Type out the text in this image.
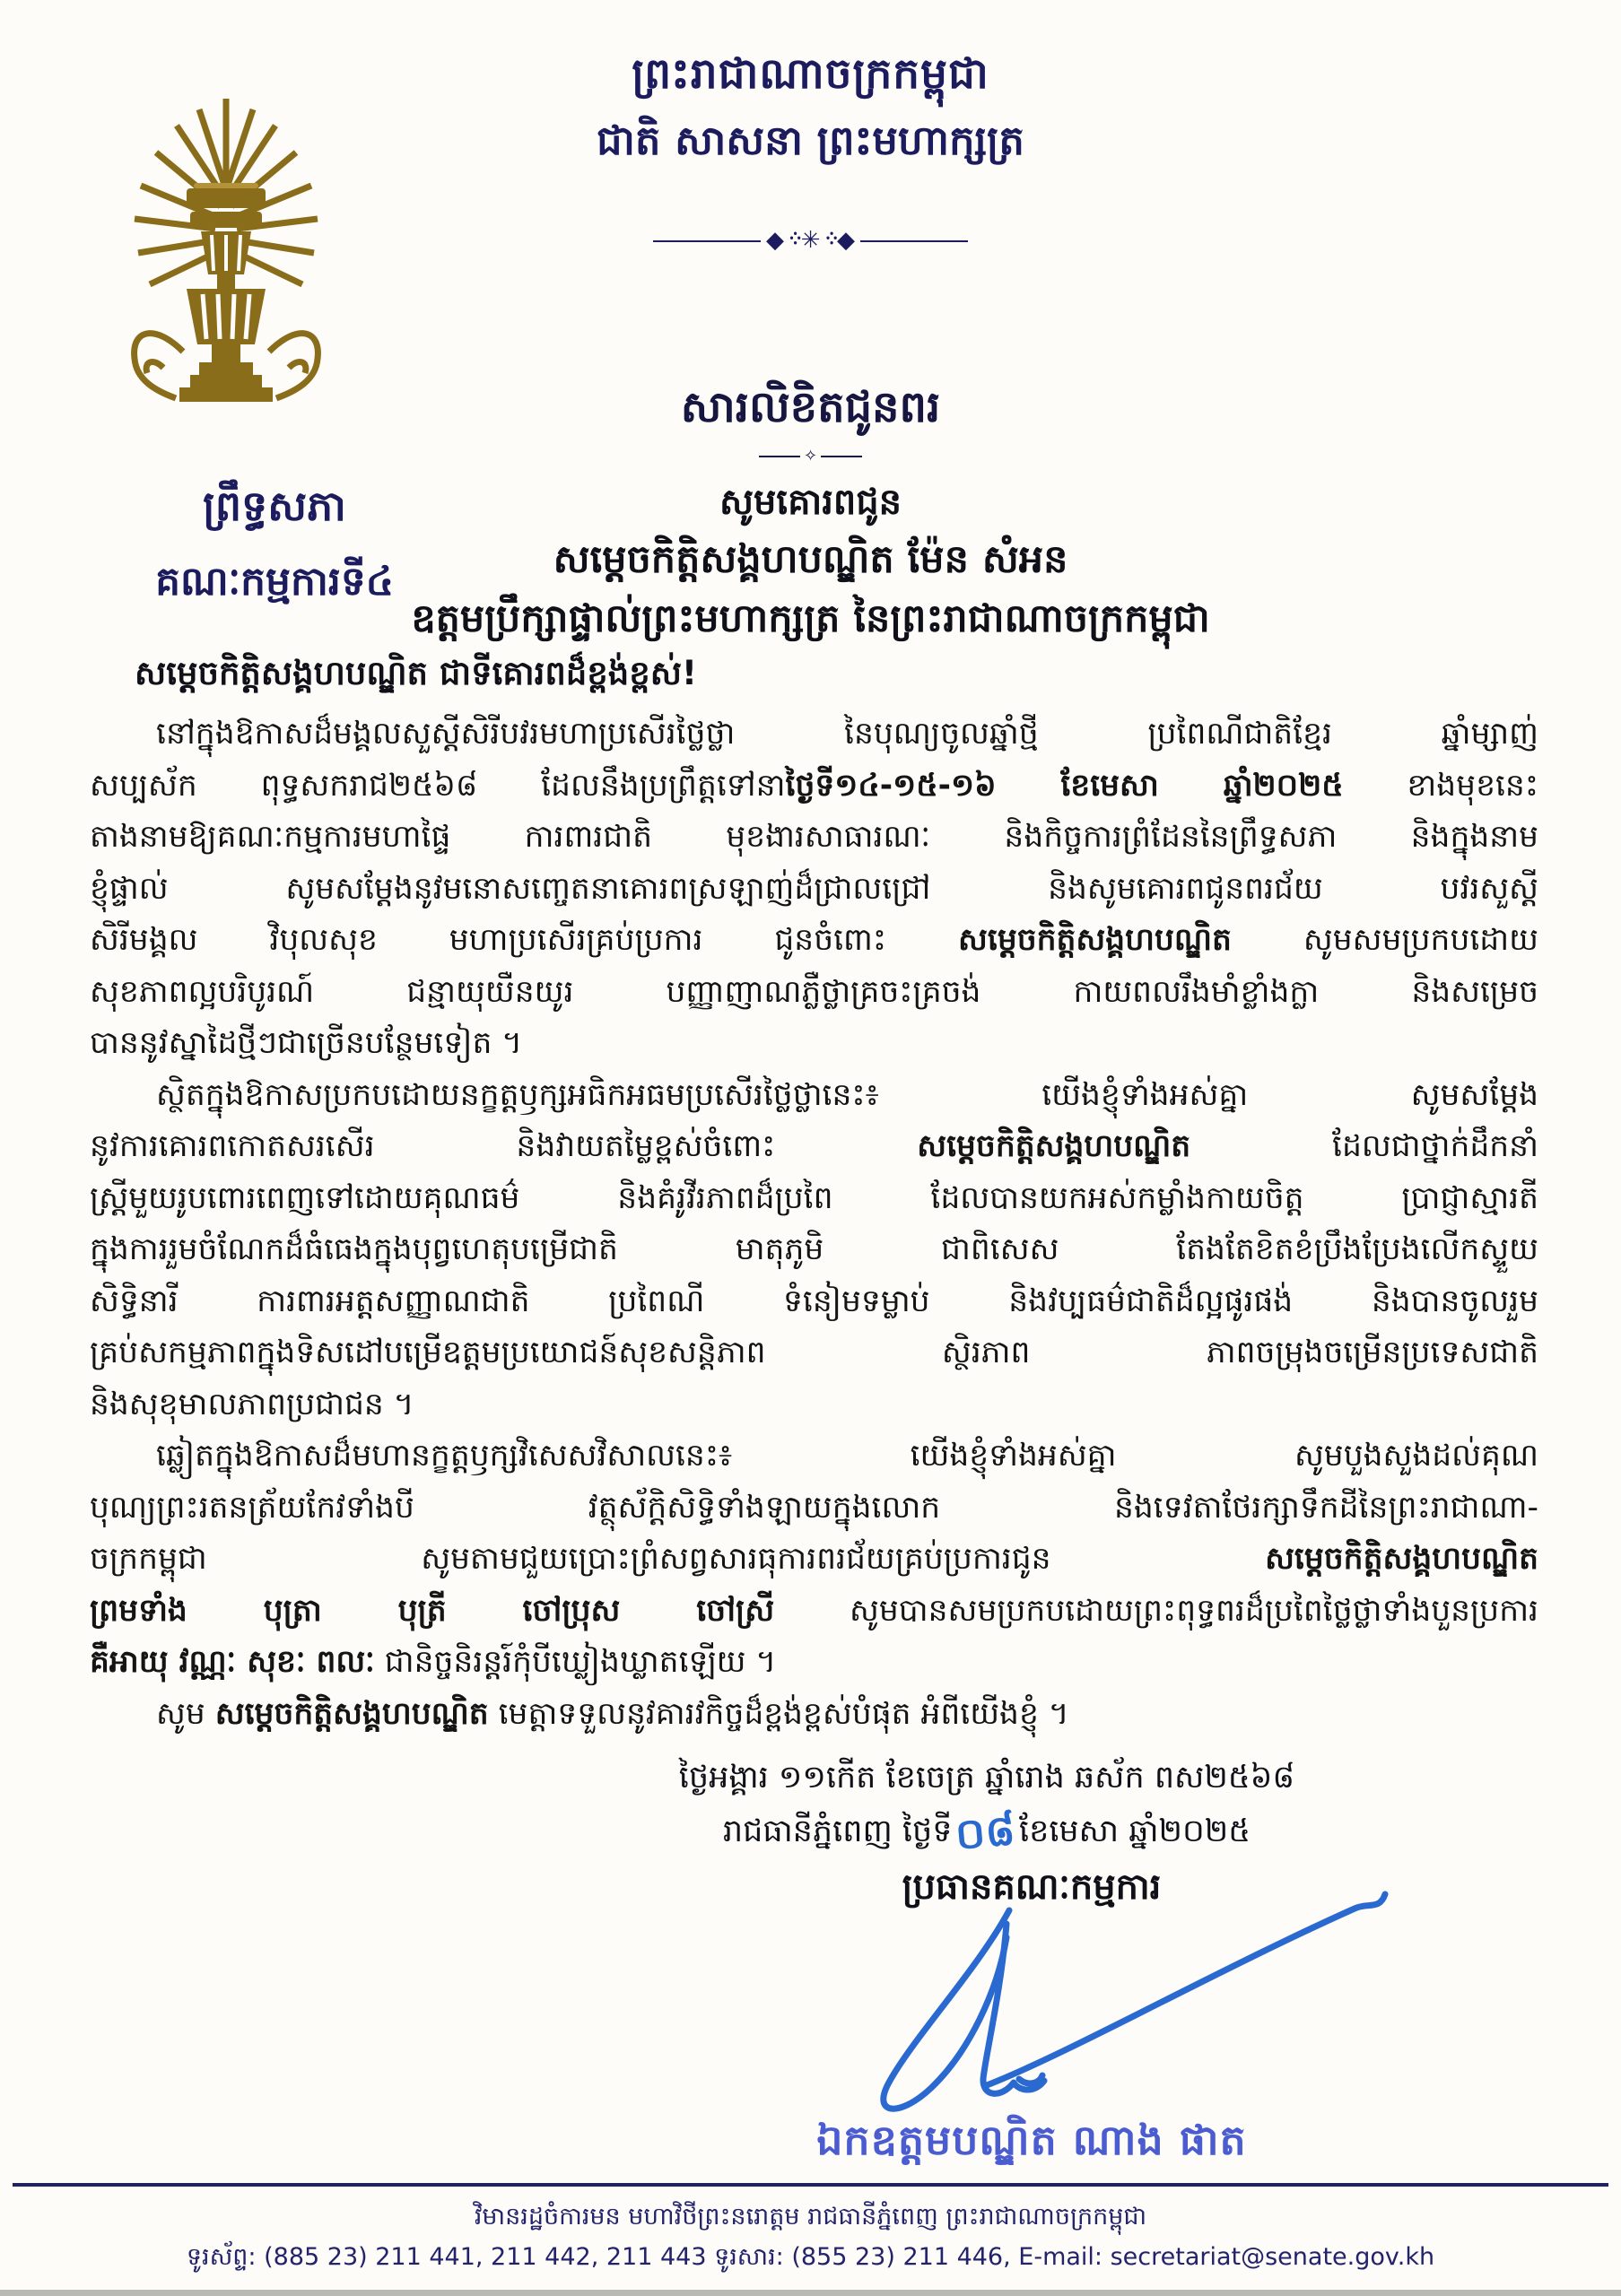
ព្រះរាជាណាចក្រកម្ពុជា
ជាតិ សាសនា ព្រះមហាក្សត្រ
◆᠅✳᠅◆
ព្រឹទ្ធសភា
គណៈកម្មការទី៤
សារលិខិតជូនពរ
✧
សូមគោរពជូន
សម្តេចកិត្តិសង្គហបណ្ឌិត ម៉ែន សំអន
ឧត្តមប្រឹក្សាផ្ទាល់ព្រះមហាក្សត្រ នៃព្រះរាជាណាចក្រកម្ពុជា
សម្តេចកិត្តិសង្គហបណ្ឌិត ជាទីគោរពដ៏ខ្ពង់ខ្ពស់!
នៅក្នុងឱកាសដ៏មង្គលសួស្តីសិរីបវរមហាប្រសើរថ្លៃថ្លា នៃបុណ្យចូលឆ្នាំថ្មី ប្រពៃណីជាតិខ្មែរ ឆ្នាំម្សាញ់
សប្បស័ក ពុទ្ធសករាជ២៥៦៨ ដែលនឹងប្រព្រឹត្តទៅនាថ្ងៃទី១៤-១៥-១៦ ខែមេសា ឆ្នាំ២០២៥ ខាងមុខនេះ
តាងនាមឱ្យគណៈកម្មការមហាផ្ទៃ ការពារជាតិ មុខងារសាធារណៈ និងកិច្ចការព្រំដែននៃព្រឹទ្ធសភា និងក្នុងនាម
ខ្ញុំផ្ទាល់ សូមសម្តែងនូវមនោសញ្ចេតនាគោរពស្រឡាញ់ដ៏ជ្រាលជ្រៅ និងសូមគោរពជូនពរជ័យ បវរសួស្តី
សិរីមង្គល វិបុលសុខ មហាប្រសើរគ្រប់ប្រការ ជូនចំពោះ សម្តេចកិត្តិសង្គហបណ្ឌិត សូមសមប្រកបដោយ
សុខភាពល្អបរិបូរណ៍ ជន្មាយុយឺនយូរ បញ្ញាញាណភ្លឺថ្លាគ្រចះគ្រចង់ កាយពលរឹងមាំខ្លាំងក្លា និងសម្រេច
បាននូវស្នាដៃថ្មីៗជាច្រើនបន្ថែមទៀត ។
ស្ថិតក្នុងឱកាសប្រកបដោយនក្ខត្តឫក្សអធិកអធមប្រសើរថ្លៃថ្លានេះ៖ យើងខ្ញុំទាំងអស់គ្នា សូមសម្តែង
នូវការគោរពកោតសរសើរ និងវាយតម្លៃខ្ពស់ចំពោះ សម្តេចកិត្តិសង្គហបណ្ឌិត ដែលជាថ្នាក់ដឹកនាំ
ស្ត្រីមួយរូបពោរពេញទៅដោយគុណធម៌ និងគំរូវីរភាពដ៏ប្រពៃ ដែលបានយកអស់កម្លាំងកាយចិត្ត ប្រាជ្ញាស្មារតី
ក្នុងការរួមចំណែកដ៏ធំធេងក្នុងបុព្វហេតុបម្រើជាតិ មាតុភូមិ ជាពិសេស តែងតែខិតខំប្រឹងប្រែងលើកស្ទួយ
សិទ្ធិនារី ការពារអត្តសញ្ញាណជាតិ ប្រពៃណី ទំនៀមទម្លាប់ និងវប្បធម៌ជាតិដ៏ល្អផូរផង់ និងបានចូលរួម
គ្រប់សកម្មភាពក្នុងទិសដៅបម្រើឧត្តមប្រយោជន៍សុខសន្តិភាព ស្ថិរភាព ភាពចម្រុងចម្រើនប្រទេសជាតិ
និងសុខុមាលភាពប្រជាជន ។
ឆ្លៀតក្នុងឱកាសដ៏មហានក្ខត្តឫក្សវិសេសវិសាលនេះ៖ យើងខ្ញុំទាំងអស់គ្នា សូមបួងសួងដល់គុណ
បុណ្យព្រះរតនត្រ័យកែវទាំងបី វត្ថុស័ក្តិសិទ្ធិទាំងឡាយក្នុងលោក និងទេវតាថែរក្សាទឹកដីនៃព្រះរាជាណា-
ចក្រកម្ពុជា សូមតាមជួយប្រោះព្រំសព្វសារធុការពរជ័យគ្រប់ប្រការជូន សម្តេចកិត្តិសង្គហបណ្ឌិត
ព្រមទាំង បុត្រា បុត្រី ចៅប្រុស ចៅស្រី សូមបានសមប្រកបដោយព្រះពុទ្ធពរដ៏ប្រពៃថ្លៃថ្លាទាំងបួនប្រការ
គឺអាយុ វណ្ណៈ សុខៈ ពលៈ ជានិច្ចនិរន្តរ៍កុំបីឃ្លៀងឃ្លាតឡើយ ។
សូម សម្តេចកិត្តិសង្គហបណ្ឌិត មេត្តាទទួលនូវគារវកិច្ចដ៏ខ្ពង់ខ្ពស់បំផុត អំពីយើងខ្ញុំ ។
ថ្ងៃអង្គារ ១១កើត ខែចេត្រ ឆ្នាំរោង ឆស័ក ពស២៥៦៨
រាជធានីភ្នំពេញ ថ្ងៃទី០៨ខែមេសា ឆ្នាំ២០២៥
ប្រធានគណៈកម្មការ
ឯកឧត្តមបណ្ឌិត ណាង ផាត
វិមានរដ្ឋចំការមន មហាវិថីព្រះនរោត្តម រាជធានីភ្នំពេញ ព្រះរាជាណាចក្រកម្ពុជា
ទូរស័ព្ទ: (885 23) 211 441, 211 442, 211 443 ទូរសារ: (855 23) 211 446, E-mail: secretariat@senate.gov.kh
